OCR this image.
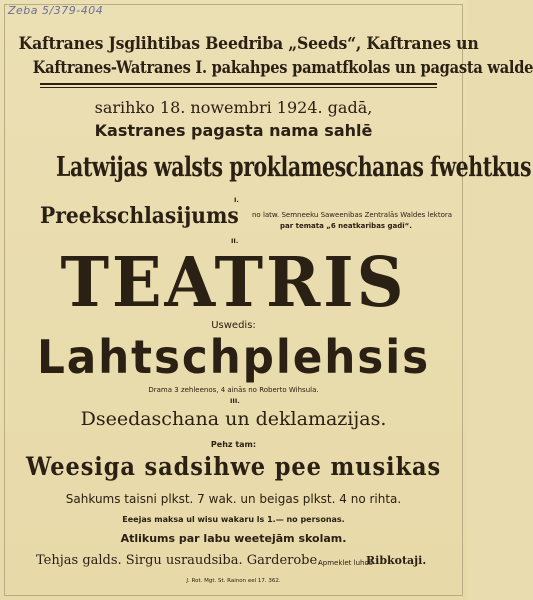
Zeba 5/379-404
Kaftranes Jsglihtibas Beedriba „Seeds“, Kaftranes un
Kaftranes-Watranes I. pakahpes pamatfkolas un pagasta walde
sarihko 18. nowembri 1924. gadā,
Kastranes pagasta nama sahlē
Latwijas walsts proklameschanas fwehtkus
I.
Preekschlasijums no latw. Semneeku Saweenibas Zentralās Waldes lektora
par temata „6 neatkaribas gadi“.
II.
TEATRIS
Uswedis:
Lahtschplehsis
Drama 3 zehleenos, 4 ainās no Roberto Wihsula.
III.
Dseedaschana un deklamazijas.
Pehz tam:
Weesiga sadsihwe pee musikas
Sahkums taisni plkst. 7 wak. un beigas plkst. 4 no rihta.
Eeejas maksa ul wisu wakaru ls 1.— no personas.
Atlikums par labu weetejām skolam.
Tehjas galds. Sirgu usraudsiba. Garderobe.
Apmeklet luhds
Ribkotaji.
J. Rot. Mgt. St. Rainon eel 17. 362.
